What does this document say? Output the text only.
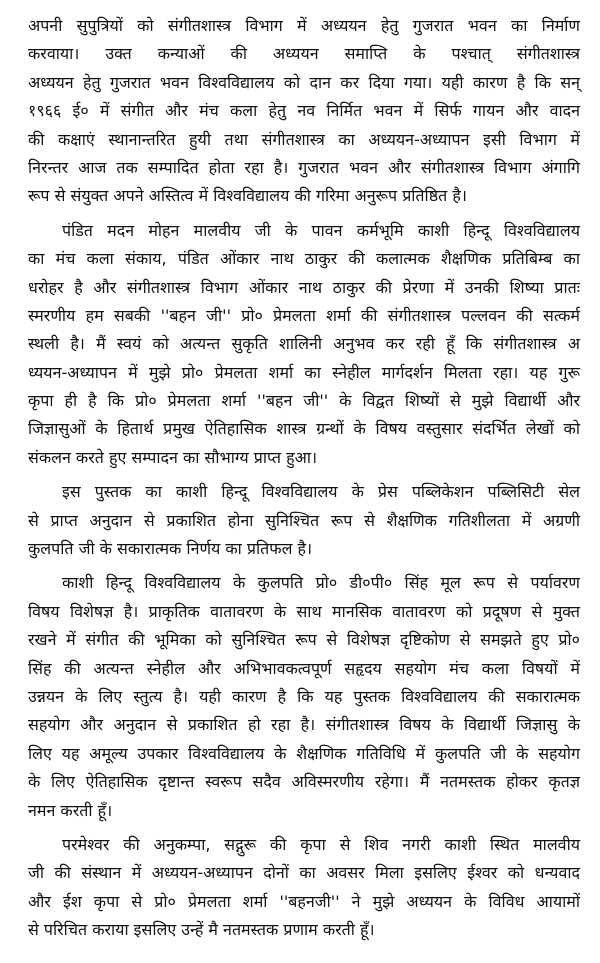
अपनी सुपुत्रियों को संगीतशास्त्र विभाग में अध्ययन हेतु गुजरात भवन का निर्माण
करवाया। उक्त कन्याओं की अध्ययन समाप्ति के पश्चात् संगीतशास्त्र
अध्ययन हेतु गुजरात भवन विश्वविद्यालय को दान कर दिया गया। यही कारण है कि सन्
१९६६ ई० में संगीत और मंच कला हेतु नव निर्मित भवन में सिर्फ गायन और वादन
की कक्षाएं स्थानान्तरित हुयी तथा संगीतशास्त्र का अध्ययन-अध्यापन इसी विभाग में
निरन्तर आज तक सम्पादित होता रहा है। गुजरात भवन और संगीतशास्त्र विभाग अंगागि
रूप से संयुक्त अपने अस्तित्व में विश्वविद्यालय की गरिमा अनुरूप प्रतिष्ठित है।
पंडित मदन मोहन मालवीय जी के पावन कर्मभूमि काशी हिन्दू विश्वविद्यालय
का मंच कला संकाय, पंडित ओंकार नाथ ठाकुर की कलात्मक शैक्षणिक प्रतिबिम्ब का
धरोहर है और संगीतशास्त्र विभाग ओंकार नाथ ठाकुर की प्रेरणा में उनकी शिष्या प्रातः
स्मरणीय हम सबकी ''बहन जी'' प्रो० प्रेमलता शर्मा की संगीतशास्त्र पल्लवन की सत्कर्म
स्थली है। मैं स्वयं को अत्यन्त सुकृति शालिनी अनुभव कर रही हूँ कि संगीतशास्त्र अ
ध्ययन-अध्यापन में मुझे प्रो० प्रेमलता शर्मा का स्नेहील मार्गदर्शन मिलता रहा। यह गुरू
कृपा ही है कि प्रो० प्रेमलता शर्मा ''बहन जी'' के विद्वत शिष्यों से मुझे विद्यार्थी और
जिज्ञासुओं के हितार्थ प्रमुख ऐतिहासिक शास्त्र ग्रन्थों के विषय वस्तुसार संदर्भित लेखों को
संकलन करते हुए सम्पादन का सौभाग्य प्राप्त हुआ।
इस पुस्तक का काशी हिन्दू विश्वविद्यालय के प्रेस पब्लिकेशन पब्लिसिटी सेल
से प्राप्त अनुदान से प्रकाशित होना सुनिश्चित रूप से शैक्षणिक गतिशीलता में अग्रणी
कुलपति जी के सकारात्मक निर्णय का प्रतिफल है।
काशी हिन्दू विश्वविद्यालय के कुलपति प्रो० डी०पी० सिंह मूल रूप से पर्यावरण
विषय विशेषज्ञ है। प्राकृतिक वातावरण के साथ मानसिक वातावरण को प्रदूषण से मुक्त
रखने में संगीत की भूमिका को सुनिश्चित रूप से विशेषज्ञ दृष्टिकोण से समझते हुए प्रो०
सिंह की अत्यन्त स्नेहील और अभिभावकत्वपूर्ण सहृदय सहयोग मंच कला विषयों में
उन्नयन के लिए स्तुत्य है। यही कारण है कि यह पुस्तक विश्वविद्यालय की सकारात्मक
सहयोग और अनुदान से प्रकाशित हो रहा है। संगीतशास्त्र विषय के विद्यार्थी जिज्ञासु के
लिए यह अमूल्य उपकार विश्वविद्यालय के शैक्षणिक गतिविधि में कुलपति जी के सहयोग
के लिए ऐतिहासिक दृष्टान्त स्वरूप सदैव अविस्मरणीय रहेगा। मैं नतमस्तक होकर कृतज्ञ
नमन करती हूँ।
परमेश्वर की अनुकम्पा, सद्गुरू की कृपा से शिव नगरी काशी स्थित मालवीय
जी की संस्थान में अध्ययन-अध्यापन दोनों का अवसर मिला इसलिए ईश्वर को धन्यवाद
और ईश कृपा से प्रो० प्रेमलता शर्मा ''बहनजी'' ने मुझे अध्ययन के विविध आयामों
से परिचित कराया इसलिए उन्हें मै नतमस्तक प्रणाम करती हूँ।
